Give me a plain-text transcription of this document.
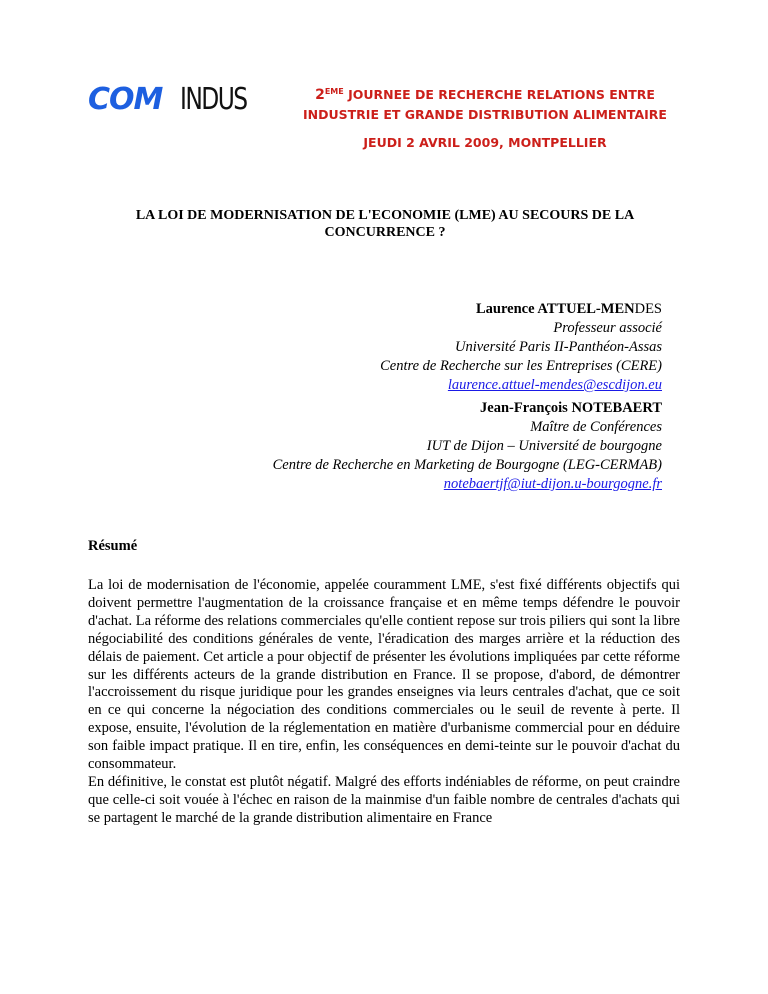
COM INDUS	2EME JOURNEE DE RECHERCHE RELATIONS ENTRE
INDUSTRIE ET GRANDE DISTRIBUTION ALIMENTAIRE
JEUDI 2 AVRIL 2009, MONTPELLIER
LA LOI DE MODERNISATION DE L'ECONOMIE (LME) AU SECOURS DE LA CONCURRENCE ?
Laurence ATTUEL-MENDES
Professeur associé
Université Paris II-Panthéon-Assas
Centre de Recherche sur les Entreprises (CERE)
laurence.attuel-mendes@escdijon.eu
Jean-François NOTEBAERT
Maître de Conférences
IUT de Dijon – Université de bourgogne
Centre de Recherche en Marketing de Bourgogne (LEG-CERMAB)
notebaertjf@iut-dijon.u-bourgogne.fr
Résumé

La loi de modernisation de l'économie, appelée couramment LME, s'est fixé différents objectifs qui doivent permettre l'augmentation de la croissance française et en même temps défendre le pouvoir d'achat. La réforme des relations commerciales qu'elle contient repose sur trois piliers qui sont la libre négociabilité des conditions générales de vente, l'éradication des marges arrière et la réduction des délais de paiement. Cet article a pour objectif de présenter les évolutions impliquées par cette réforme sur les différents acteurs de la grande distribution en France. Il se propose, d'abord, de démontrer l'accroissement du risque juridique pour les grandes enseignes via leurs centrales d'achat, que ce soit en ce qui concerne la négociation des conditions commerciales ou le seuil de revente à perte. Il expose, ensuite, l'évolution de la réglementation en matière d'urbanisme commercial pour en déduire son faible impact pratique. Il en tire, enfin, les conséquences en demi-teinte sur le pouvoir d'achat du consommateur.

En définitive, le constat est plutôt négatif. Malgré des efforts indéniables de réforme, on peut craindre que celle-ci soit vouée à l'échec en raison de la mainmise d'un faible nombre de centrales d'achats qui se partagent le marché de la grande distribution alimentaire en France
